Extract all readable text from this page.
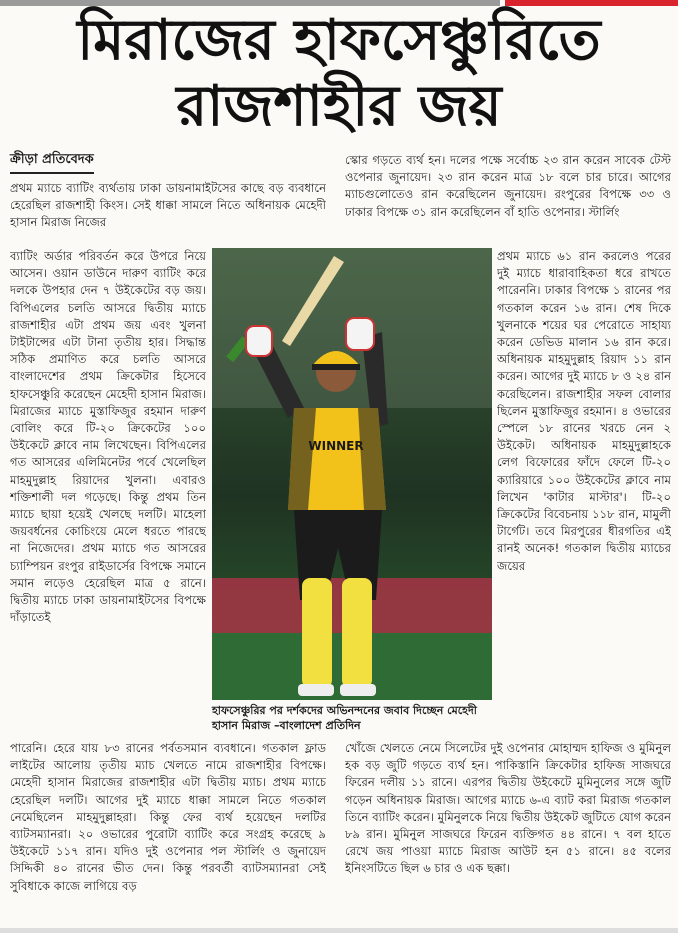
মিরাজের হাফসেঞ্চুরিতে
রাজশাহীর জয়
ক্রীড়া প্রতিবেদক

প্রথম ম্যাচে ব্যাটিং ব্যর্থতায় ঢাকা ডায়নামাইটসের কাছে বড় ব্যবধানে হেরেছিল রাজশাহী কিংস। সেই ধাক্কা সামলে নিতে অধিনায়ক মেহেদী হাসান মিরাজ নিজের

ব্যাটিং অর্ডার পরিবর্তন করে উপরে নিয়ে আসেন। ওয়ান ডাউনে দারুণ ব্যাটিং করে দলকে উপহার দেন ৭ উইকেটের বড় জয়। বিপিএলের চলতি আসরে দ্বিতীয় ম্যাচে রাজশাহীর এটা প্রথম জয় এবং খুলনা টাইটান্সের এটা টানা তৃতীয় হার। সিদ্ধান্ত সঠিক প্রমাণিত করে চলতি আসরে বাংলাদেশের প্রথম ক্রিকেটার হিসেবে হাফসেঞ্চুরি করেছেন মেহেদী হাসান মিরাজ। মিরাজের ম্যাচে মুস্তাফিজুর রহমান দারুণ বোলিং করে টি-২০ ক্রিকেটের ১০০ উইকেটে ক্লাবে নাম লিখেছেন। বিপিএলের গত আসরের এলিমিনেটর পর্বে খেলেছিল মাহমুদুল্লাহ রিয়াদের খুলনা। এবারও শক্তিশালী দল গড়েছে। কিন্তু প্রথম তিন ম্যাচে ছায়া হয়েই খেলছে দলটি। মাহেলা জয়বর্ধনের কোচিংয়ে মেলে ধরতে পারছে না নিজেদের। প্রথম ম্যাচে গত আসরের চ্যাম্পিয়ন রংপুর রাইডার্সের বিপক্ষে সমানে সমান লড়েও হেরেছিল মাত্র ৫ রানে। দ্বিতীয় ম্যাচে ঢাকা ডায়নামাইটসের বিপক্ষে দাঁড়াতেই

স্কোর গড়তে ব্যর্থ হন। দলের পক্ষে সর্বোচ্চ ২৩ রান করেন সাবেক টেস্ট ওপেনার জুনায়েদ। ২৩ রান করেন মাত্র ১৮ বলে চার চারে। আগের ম্যাচগুলোতেও রান করেছিলেন জুনায়েদ। রংপুরের বিপক্ষে ৩৩ ও ঢাকার বিপক্ষে ৩১ রান করেছিলেন বাঁ হাতি ওপেনার। স্টার্লিং

প্রথম ম্যাচে ৬১ রান করলেও পরের দুই ম্যাচে ধারাবাহিকতা ধরে রাখতে পারেননি। ঢাকার বিপক্ষে ১ রানের পর গতকাল করেন ১৬ রান। শেষ দিকে খুলনাকে শয়ের ঘর পেরোতে সাহায্য করেন ডেভিড মালান ১৬ রান করে। অধিনায়ক মাহমুদুল্লাহ রিয়াদ ১১ রান করেন। আগের দুই ম্যাচে ৮ ও ২৪ রান করেছিলেন। রাজশাহীর সফল বোলার ছিলেন মুস্তাফিজুর রহমান। ৪ ওভারের স্পেলে ১৮ রানের খরচে নেন ২ উইকেট। অধিনায়ক মাহমুদুল্লাহকে লেগ বিফোরের ফাঁদে ফেলে টি-২০ ক্যারিয়ারে ১০০ উইকেটের ক্লাবে নাম লিখেন 'কাটার মাস্টার'। টি-২০ ক্রিকেটের বিবেচনায় ১১৮ রান, মামুলী টার্গেট। তবে মিরপুরের ধীরগতির এই রানই অনেক! গতকাল দ্বিতীয় ম্যাচের জয়ের

WINNER
হাফসেঞ্চুরির পর দর্শকদের অভিনন্দনের জবাব দিচ্ছেন মেহেদী হাসান মিরাজ –বাংলাদেশ প্রতিদিন

পারেনি। হেরে যায় ৮৩ রানের পর্বতসমান ব্যবধানে। গতকাল ফ্লাড লাইটের আলোয় তৃতীয় ম্যাচ খেলতে নামে রাজশাহীর বিপক্ষে। মেহেদী হাসান মিরাজের রাজশাহীর এটা দ্বিতীয় ম্যাচ। প্রথম ম্যাচে হেরেছিল দলটি। আগের দুই ম্যাচে ধাক্কা সামলে নিতে গতকাল নেমেছিলেন মাহমুদুল্লাহরা। কিন্তু ফের ব্যর্থ হয়েছেন দলটির ব্যাটসম্যানরা। ২০ ওভারের পুরোটা ব্যাটিং করে সংগ্রহ করেছে ৯ উইকেটে ১১৭ রান। যদিও দুই ওপেনার পল স্টার্লিং ও জুনায়েদ সিদ্দিকী ৪০ রানের ভীত দেন। কিন্তু পরবর্তী ব্যাটসম্যানরা সেই সুবিধাকে কাজে লাগিয়ে বড়

খোঁজে খেলতে নেমে সিলেটের দুই ওপেনার মোহাম্মদ হাফিজ ও মুমিনুল হক বড় জুটি গড়তে ব্যর্থ হন। পাকিস্তানি ক্রিকেটার হাফিজ সাজঘরে ফিরেন দলীয় ১১ রানে। এরপর দ্বিতীয় উইকেটে মুমিনুলের সঙ্গে জুটি গড়েন অধিনায়ক মিরাজ। আগের ম্যাচে ৬-এ ব্যাট করা মিরাজ গতকাল তিনে ব্যাটিং করেন। মুমিনুলকে নিয়ে দ্বিতীয় উইকেট জুটিতে যোগ করেন ৮৯ রান। মুমিনুল সাজঘরে ফিরেন ব্যক্তিগত ৪৪ রানে। ৭ বল হাতে রেখে জয় পাওয়া ম্যাচে মিরাজ আউট হন ৫১ রানে। ৪৫ বলের ইনিংসটিতে ছিল ৬ চার ও এক ছক্কা।
